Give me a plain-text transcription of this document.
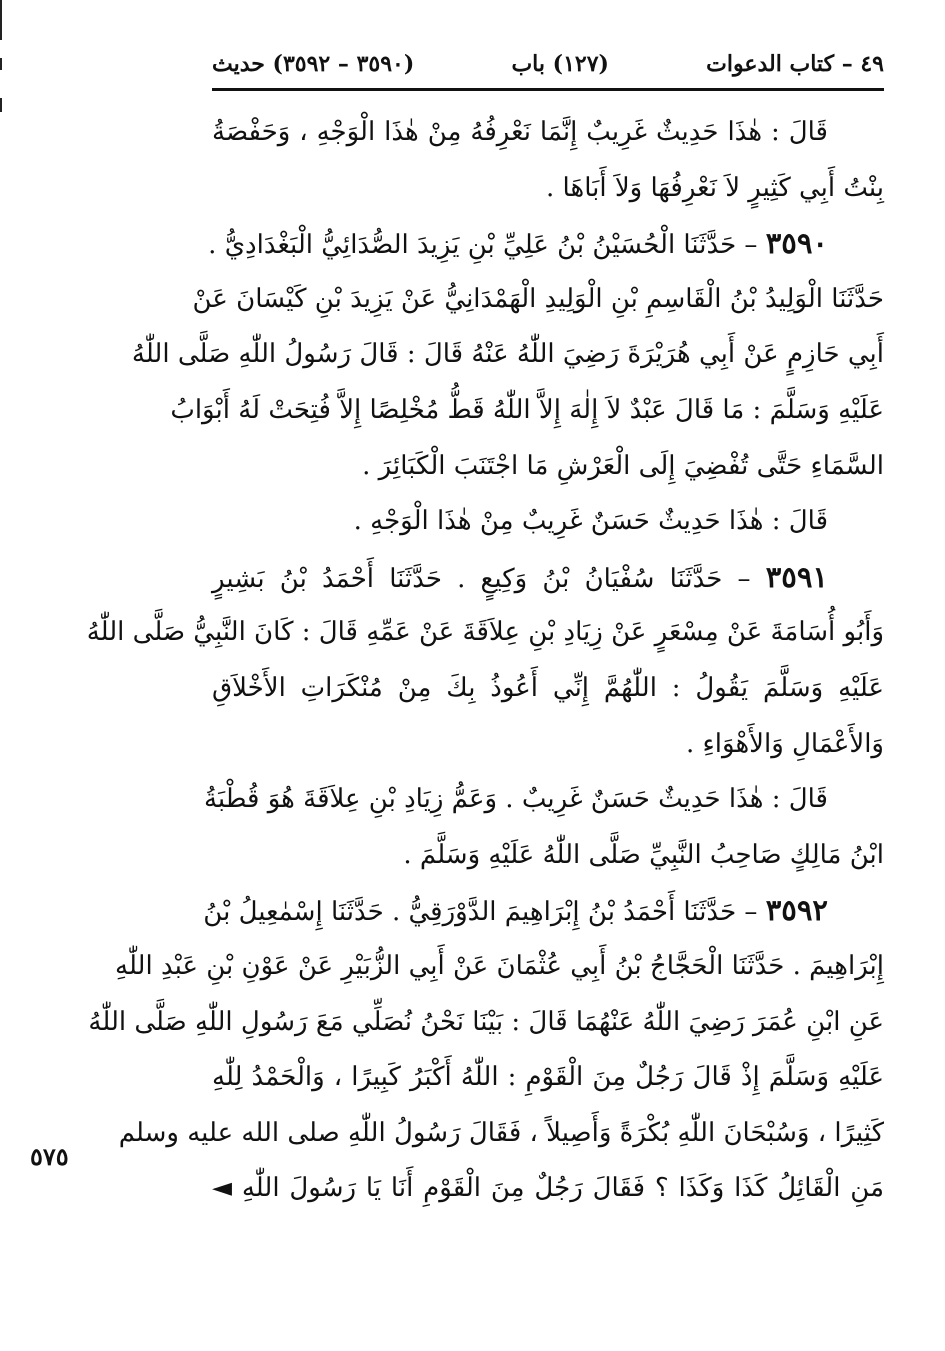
٤٩ – كتاب الدعوات
(١٢٧) باب
(٣٥٩٠ – ٣٥٩٢) حديث
قَالَ : هٰذَا حَدِيثٌ غَرِيبٌ إِنَّمَا نَعْرِفُهُ مِنْ هٰذَا الْوَجْهِ ، وَحَفْصَةُ
بِنْتُ أَبِي كَثِيرٍ لاَ نَعْرِفُهَا وَلاَ أَبَاهَا .
٣٥٩٠ – حَدَّثَنَا الْحُسَيْنُ بْنُ عَلِيِّ بْنِ يَزِيدَ الصُّدَائِيُّ الْبَغْدَادِيُّ .
حَدَّثَنَا الْوَلِيدُ بْنُ الْقَاسِمِ بْنِ الْوَلِيدِ الْهَمْدَانِيُّ عَنْ يَزِيدَ بْنِ كَيْسَانَ عَنْ
أَبِي حَازِمٍ عَنْ أَبِي هُرَيْرَةَ رَضِيَ اللّٰهُ عَنْهُ قَالَ : قَالَ رَسُولُ اللّٰهِ صَلَّى اللّٰهُ
عَلَيْهِ وَسَلَّمَ : مَا قَالَ عَبْدٌ لاَ إِلٰهَ إِلاَّ اللّٰهُ قَطُّ مُخْلِصًا إِلاَّ فُتِحَتْ لَهُ أَبْوَابُ
السَّمَاءِ حَتَّى تُفْضِيَ إِلَى الْعَرْشِ مَا اجْتَنَبَ الْكَبَائِرَ .
قَالَ : هٰذَا حَدِيثٌ حَسَنٌ غَرِيبٌ مِنْ هٰذَا الْوَجْهِ .
٣٥٩١ – حَدَّثَنَا سُفْيَانُ بْنُ وَكِيعٍ . حَدَّثَنَا أَحْمَدُ بْنُ بَشِيرٍ
وَأَبُو أُسَامَةَ عَنْ مِسْعَرٍ عَنْ زِيَادِ بْنِ عِلاَقَةَ عَنْ عَمِّهِ قَالَ : كَانَ النَّبِيُّ صَلَّى اللّٰهُ
عَلَيْهِ وَسَلَّمَ يَقُولُ : اللّٰهُمَّ إِنِّي أَعُوذُ بِكَ مِنْ مُنْكَرَاتِ الأَخْلاَقِ
وَالأَعْمَالِ وَالأَهْوَاءِ .
قَالَ : هٰذَا حَدِيثٌ حَسَنٌ غَرِيبٌ . وَعَمُّ زِيَادِ بْنِ عِلاَقَةَ هُوَ قُطْبَةُ
ابْنُ مَالِكٍ صَاحِبُ النَّبِيِّ صَلَّى اللّٰهُ عَلَيْهِ وَسَلَّمَ .
٣٥٩٢ – حَدَّثَنَا أَحْمَدُ بْنُ إِبْرَاهِيمَ الدَّوْرَقِيُّ . حَدَّثَنَا إِسْمٰعِيلُ بْنُ
إِبْرَاهِيمَ . حَدَّثَنَا الْحَجَّاجُ بْنُ أَبِي عُثْمَانَ عَنْ أَبِي الزُّبَيْرِ عَنْ عَوْنِ بْنِ عَبْدِ اللّٰهِ
عَنِ ابْنِ عُمَرَ رَضِيَ اللّٰهُ عَنْهُمَا قَالَ : بَيْنَا نَحْنُ نُصَلِّي مَعَ رَسُولِ اللّٰهِ صَلَّى اللّٰهُ
عَلَيْهِ وَسَلَّمَ إِذْ قَالَ رَجُلٌ مِنَ الْقَوْمِ : اللّٰهُ أَكْبَرُ كَبِيرًا ، وَالْحَمْدُ لِلّٰهِ
كَثِيرًا ، وَسُبْحَانَ اللّٰهِ بُكْرَةً وَأَصِيلاً ، فَقَالَ رَسُولُ اللّٰهِ صلى الله عليه وسلم
مَنِ الْقَائِلُ كَذَا وَكَذَا ؟ فَقَالَ رَجُلٌ مِنَ الْقَوْمِ أَنَا يَا رَسُولَ اللّٰهِ ◄
٥٧٥
